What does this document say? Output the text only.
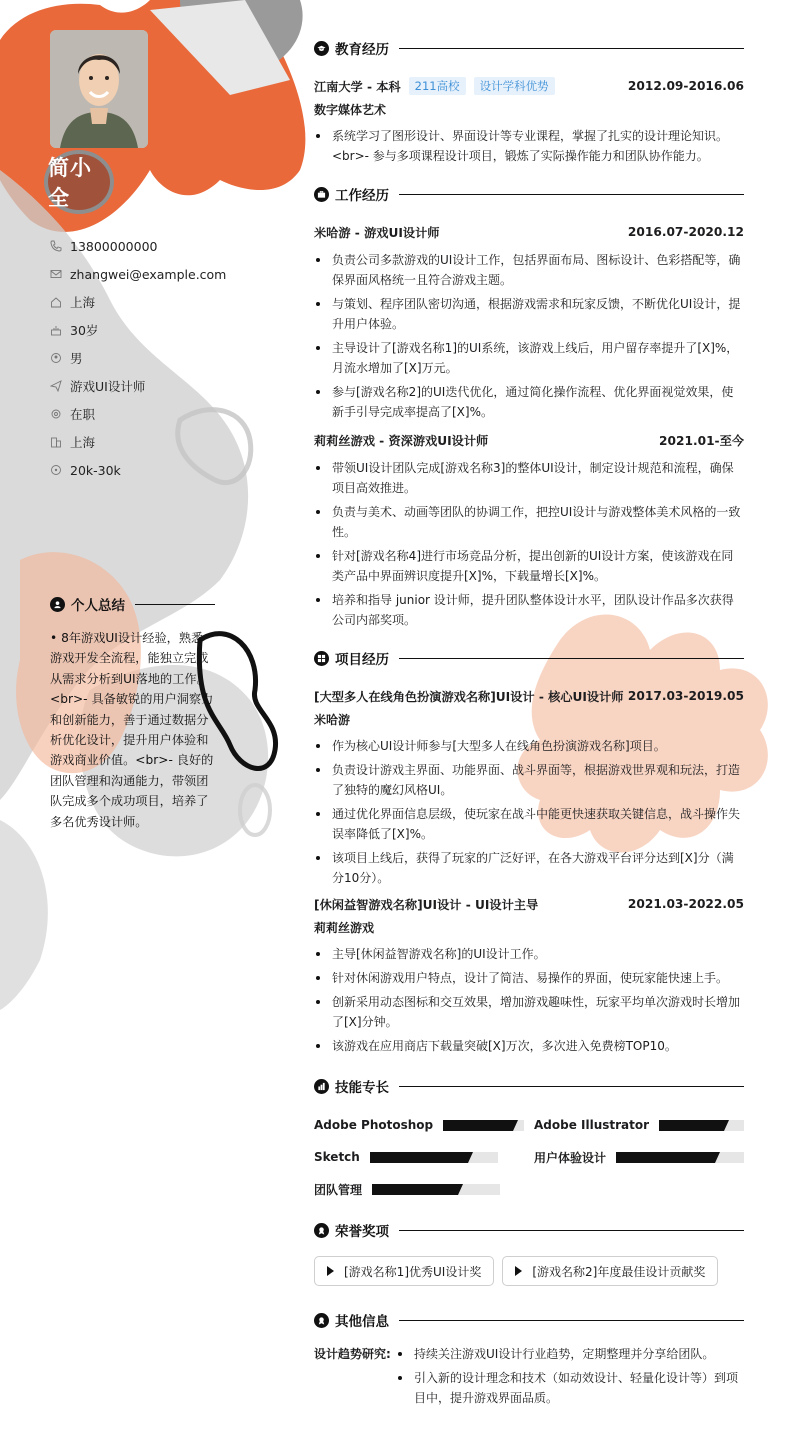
简小全
13800000000
zhangwei@example.com
上海
30岁
男
游戏UI设计师
在职
上海
20k-30k
个人总结
• 8年游戏UI设计经验，熟悉游戏开发全流程，能独立完成从需求分析到UI落地的工作。<br>- 具备敏锐的用户洞察力和创新能力，善于通过数据分析优化设计，提升用户体验和游戏商业价值。<br>- 良好的团队管理和沟通能力，带领团队完成多个成功项目，培养了多名优秀设计师。
教育经历
江南大学 - 本科	211高校	设计学科优势	2012.09-2016.06
数字媒体艺术
系统学习了图形设计、界面设计等专业课程，掌握了扎实的设计理论知识。<br>- 参与多项课程设计项目，锻炼了实际操作能力和团队协作能力。
工作经历
米哈游 - 游戏UI设计师	2016.07-2020.12
负责公司多款游戏的UI设计工作，包括界面布局、图标设计、色彩搭配等，确保界面风格统一且符合游戏主题。
与策划、程序团队密切沟通，根据游戏需求和玩家反馈，不断优化UI设计，提升用户体验。
主导设计了[游戏名称1]的UI系统，该游戏上线后，用户留存率提升了[X]%，月流水增加了[X]万元。
参与[游戏名称2]的UI迭代优化，通过简化操作流程、优化界面视觉效果，使新手引导完成率提高了[X]%。
莉莉丝游戏 - 资深游戏UI设计师	2021.01-至今
带领UI设计团队完成[游戏名称3]的整体UI设计，制定设计规范和流程，确保项目高效推进。
负责与美术、动画等团队的协调工作，把控UI设计与游戏整体美术风格的一致性。
针对[游戏名称4]进行市场竞品分析，提出创新的UI设计方案，使该游戏在同类产品中界面辨识度提升[X]%，下载量增长[X]%。
培养和指导 junior 设计师，提升团队整体设计水平，团队设计作品多次获得公司内部奖项。
项目经历
[大型多人在线角色扮演游戏名称]UI设计 - 核心UI设计师 2017.03-2019.05
米哈游
作为核心UI设计师参与[大型多人在线角色扮演游戏名称]项目。
负责设计游戏主界面、功能界面、战斗界面等，根据游戏世界观和玩法，打造了独特的魔幻风格UI。
通过优化界面信息层级，使玩家在战斗中能更快速获取关键信息，战斗操作失误率降低了[X]%。
该项目上线后，获得了玩家的广泛好评，在各大游戏平台评分达到[X]分（满分10分）。
[休闲益智游戏名称]UI设计 - UI设计主导	2021.03-2022.05
莉莉丝游戏
主导[休闲益智游戏名称]的UI设计工作。
针对休闲游戏用户特点，设计了简洁、易操作的界面，使玩家能快速上手。
创新采用动态图标和交互效果，增加游戏趣味性，玩家平均单次游戏时长增加了[X]分钟。
该游戏在应用商店下载量突破[X]万次，多次进入免费榜TOP10。
技能专长
Adobe Photoshop	Adobe Illustrator
Sketch	用户体验设计
团队管理
荣誉奖项
[游戏名称1]优秀UI设计奖	[游戏名称2]年度最佳设计贡献奖
其他信息
设计趋势研究:	持续关注游戏UI设计行业趋势，定期整理并分享给团队。
引入新的设计理念和技术（如动效设计、轻量化设计等）到项目中，提升游戏界面品质。
